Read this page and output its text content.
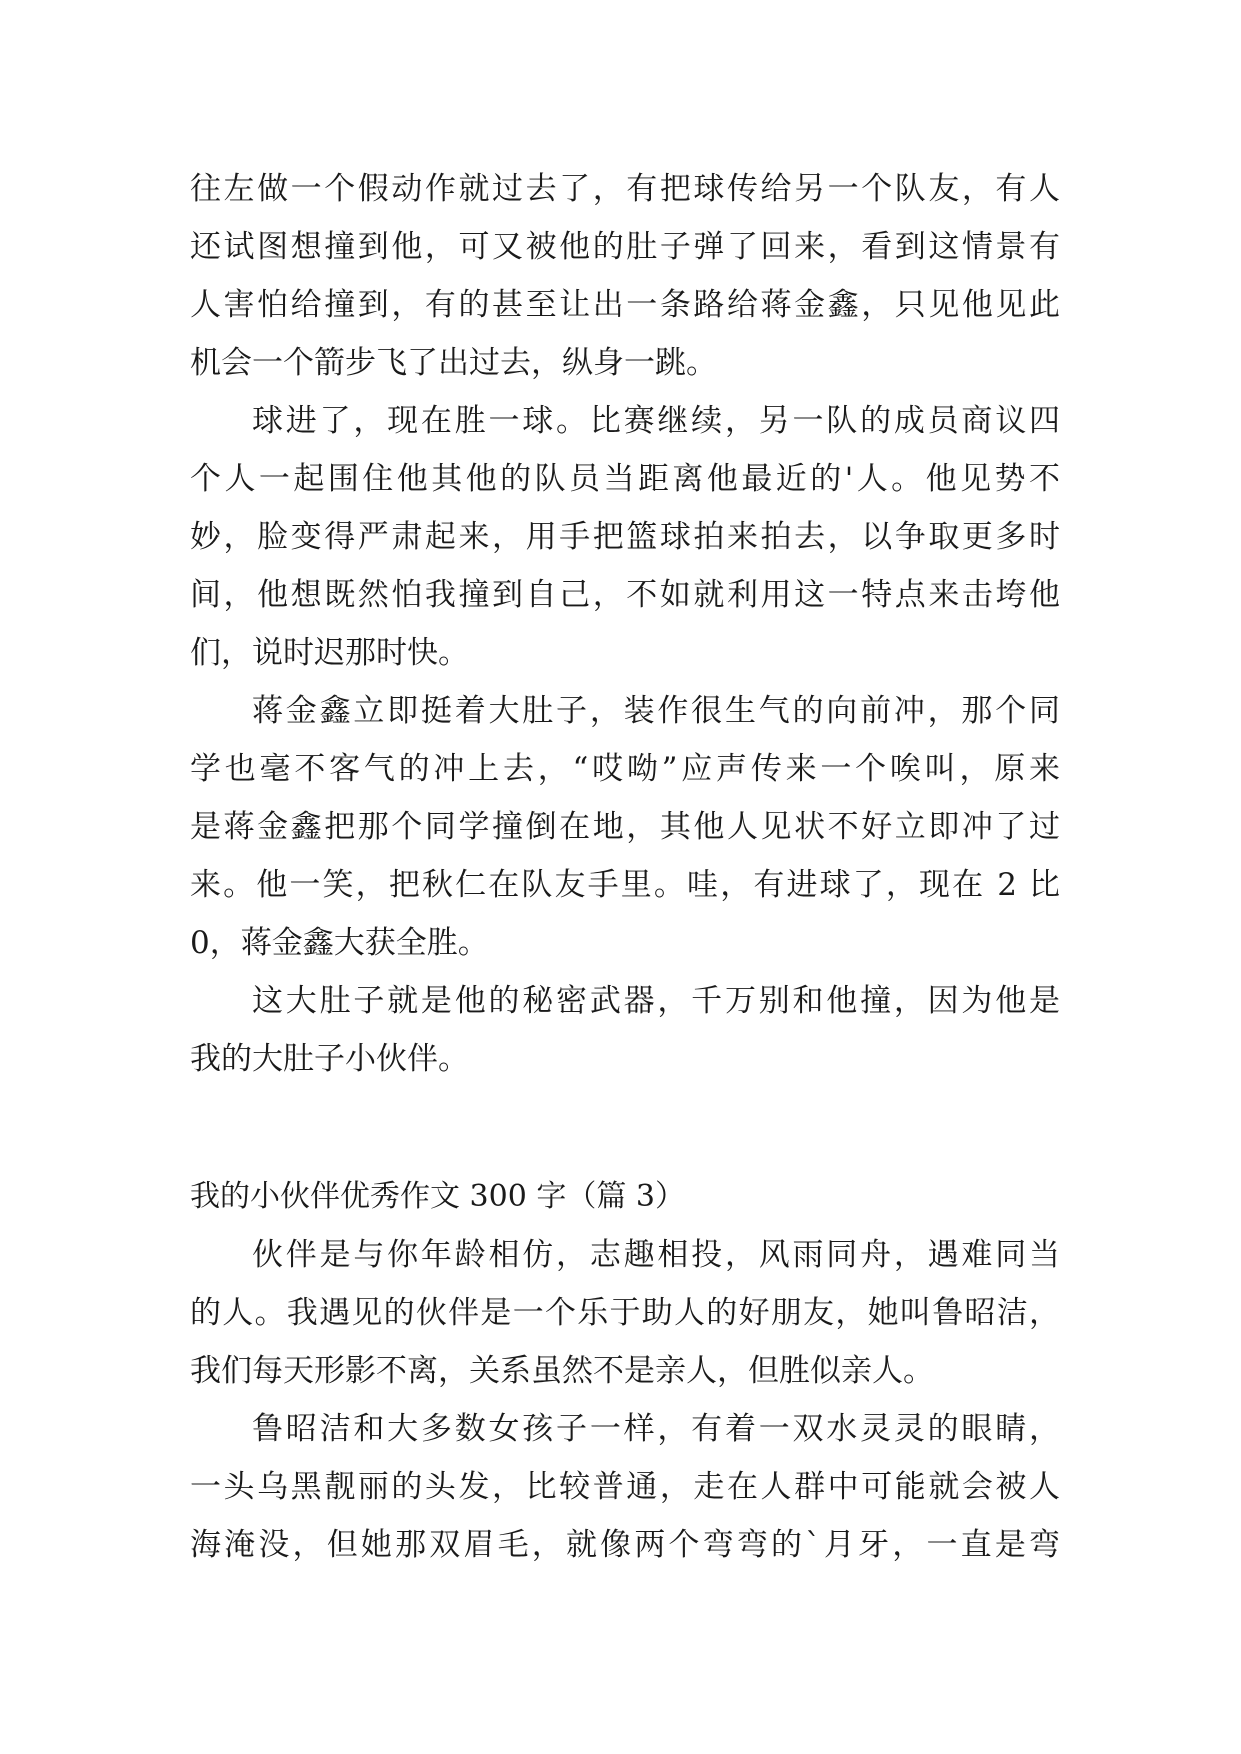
往左做一个假动作就过去了，有把球传给另一个队友，有人
还试图想撞到他，可又被他的肚子弹了回来，看到这情景有
人害怕给撞到，有的甚至让出一条路给蒋金鑫，只见他见此
机会一个箭步飞了出过去，纵身一跳。
球进了，现在胜一球。比赛继续，另一队的成员商议四
个人一起围住他其他的队员当距离他最近的'人。他见势不
妙，脸变得严肃起来，用手把篮球拍来拍去，以争取更多时
间，他想既然怕我撞到自己，不如就利用这一特点来击垮他
们，说时迟那时快。
蒋金鑫立即挺着大肚子，装作很生气的向前冲，那个同
学也毫不客气的冲上去，“哎呦”应声传来一个唉叫，原来
是蒋金鑫把那个同学撞倒在地，其他人见状不好立即冲了过
来。他一笑，把秋仁在队友手里。哇，有进球了，现在 2 比
0，蒋金鑫大获全胜。
这大肚子就是他的秘密武器，千万别和他撞，因为他是
我的大肚子小伙伴。
我的小伙伴优秀作文 300 字（篇 3）
伙伴是与你年龄相仿，志趣相投，风雨同舟，遇难同当
的人。我遇见的伙伴是一个乐于助人的好朋友，她叫鲁昭洁，
我们每天形影不离，关系虽然不是亲人，但胜似亲人。
鲁昭洁和大多数女孩子一样，有着一双水灵灵的眼睛，
一头乌黑靓丽的头发，比较普通，走在人群中可能就会被人
海淹没，但她那双眉毛，就像两个弯弯的`月牙，一直是弯
